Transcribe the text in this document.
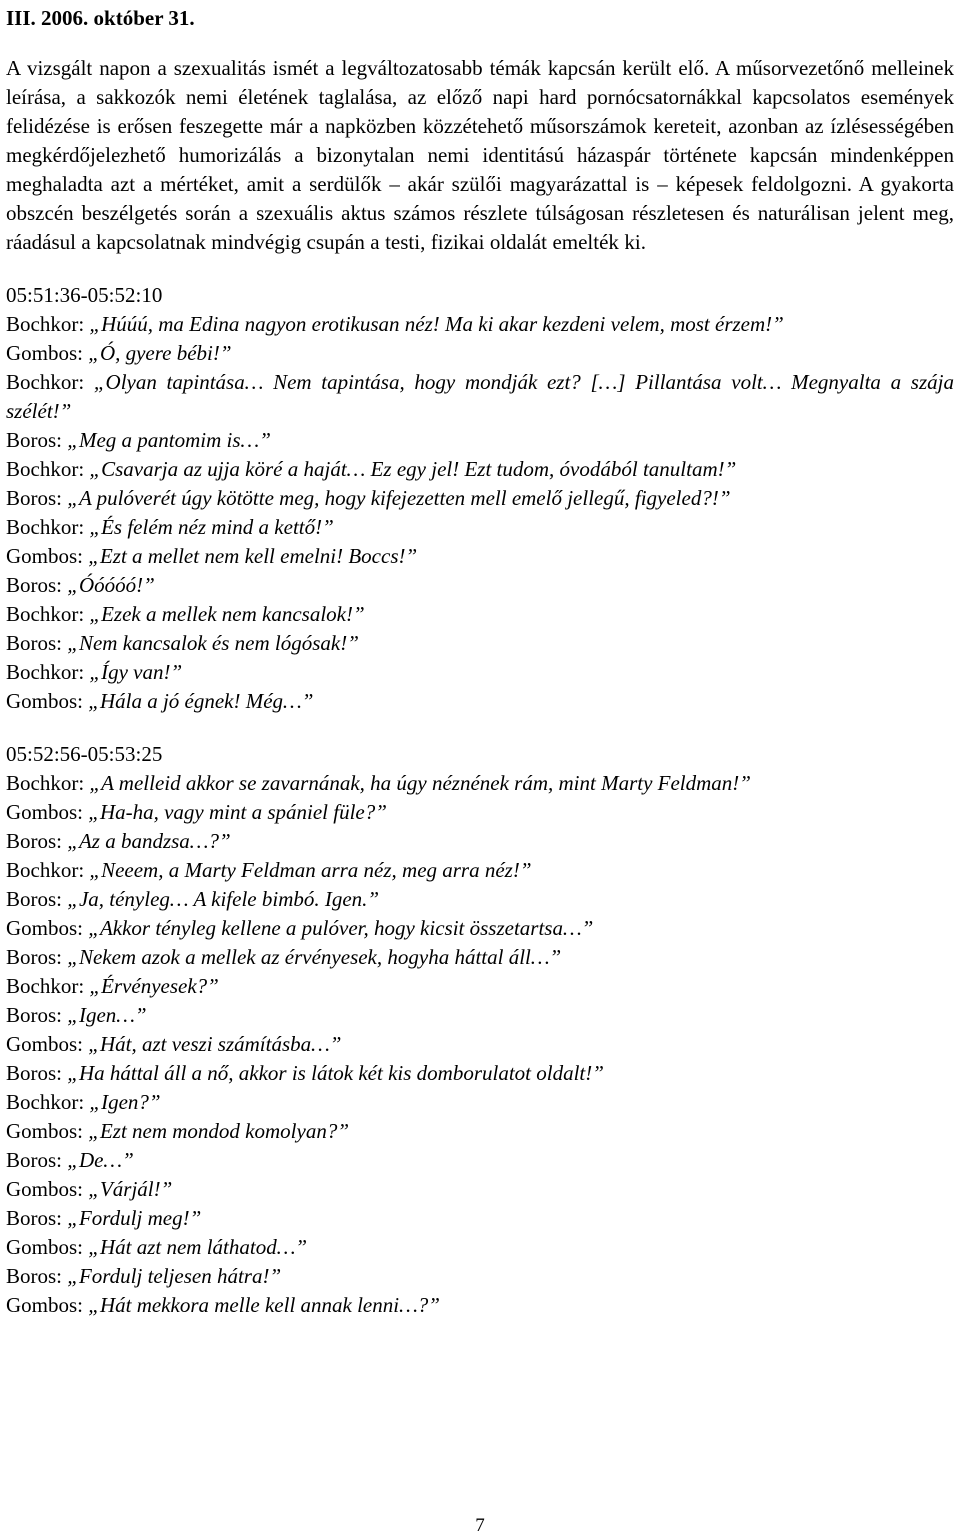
III. 2006. október 31.
A vizsgált napon a szexualitás ismét a legváltozatosabb témák kapcsán került elő. A műsorvezetőnő melleinek leírása, a sakkozók nemi életének taglalása, az előző napi hard pornócsatornákkal kapcsolatos események felidézése is erősen feszegette már a napközben közzétehető műsorszámok kereteit, azonban az ízlésességében megkérdőjelezhető humorizálás a bizonytalan nemi identitású házaspár története kapcsán mindenképpen meghaladta azt a mértéket, amit a serdülők – akár szülői magyarázattal is – képesek feldolgozni. A gyakorta obszcén beszélgetés során a szexuális aktus számos részlete túlságosan részletesen és naturálisan jelent meg, ráadásul a kapcsolatnak mindvégig csupán a testi, fizikai oldalát emelték ki.
05:51:36-05:52:10
Bochkor: „Húúú, ma Edina nagyon erotikusan néz! Ma ki akar kezdeni velem, most érzem!”
Gombos: „Ó, gyere bébi!”
Bochkor: „Olyan tapintása… Nem tapintása, hogy mondják ezt? […] Pillantása volt… Megnyalta a szája szélét!”
Boros: „Meg a pantomim is…”
Bochkor: „Csavarja az ujja köré a haját… Ez egy jel! Ezt tudom, óvodából tanultam!”
Boros: „A pulóverét úgy kötötte meg, hogy kifejezetten mell emelő jellegű, figyeled?!”
Bochkor: „És felém néz mind a kettő!”
Gombos: „Ezt a mellet nem kell emelni! Boccs!”
Boros: „Óóóóó!”
Bochkor: „Ezek a mellek nem kancsalok!”
Boros: „Nem kancsalok és nem lógósak!”
Bochkor: „Így van!”
Gombos: „Hála a jó égnek! Még…”
05:52:56-05:53:25
Bochkor: „A melleid akkor se zavarnának, ha úgy néznének rám, mint Marty Feldman!”
Gombos: „Ha-ha, vagy mint a spániel füle?”
Boros: „Az a bandzsa…?”
Bochkor: „Neeem, a Marty Feldman arra néz, meg arra néz!”
Boros: „Ja, tényleg… A kifele bimbó. Igen.”
Gombos: „Akkor tényleg kellene a pulóver, hogy kicsit összetartsa…”
Boros: „Nekem azok a mellek az érvényesek, hogyha háttal áll…”
Bochkor: „Érvényesek?”
Boros: „Igen…”
Gombos: „Hát, azt veszi számításba…”
Boros: „Ha háttal áll a nő, akkor is látok két kis domborulatot oldalt!”
Bochkor: „Igen?”
Gombos: „Ezt nem mondod komolyan?”
Boros: „De…”
Gombos: „Várjál!”
Boros: „Fordulj meg!”
Gombos: „Hát azt nem láthatod…”
Boros: „Fordulj teljesen hátra!”
Gombos: „Hát mekkora melle kell annak lenni…?”
7
